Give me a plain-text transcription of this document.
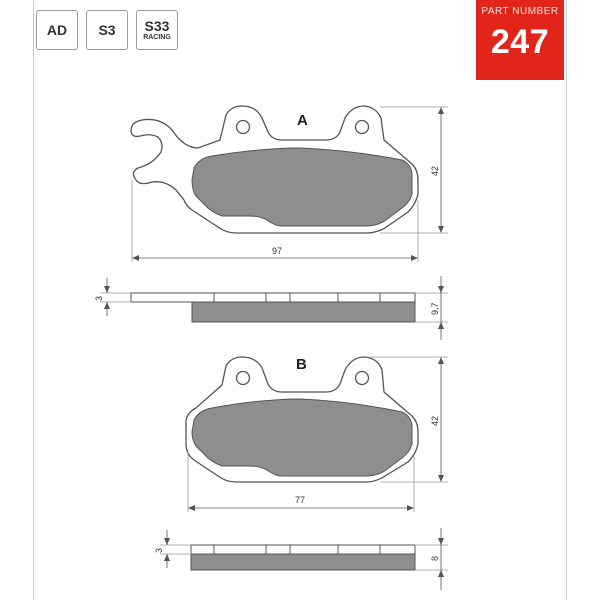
AD S3 S33
RACING
PART NUMBER
247
A
42
97
3
9,7
B
42
77
3
8
